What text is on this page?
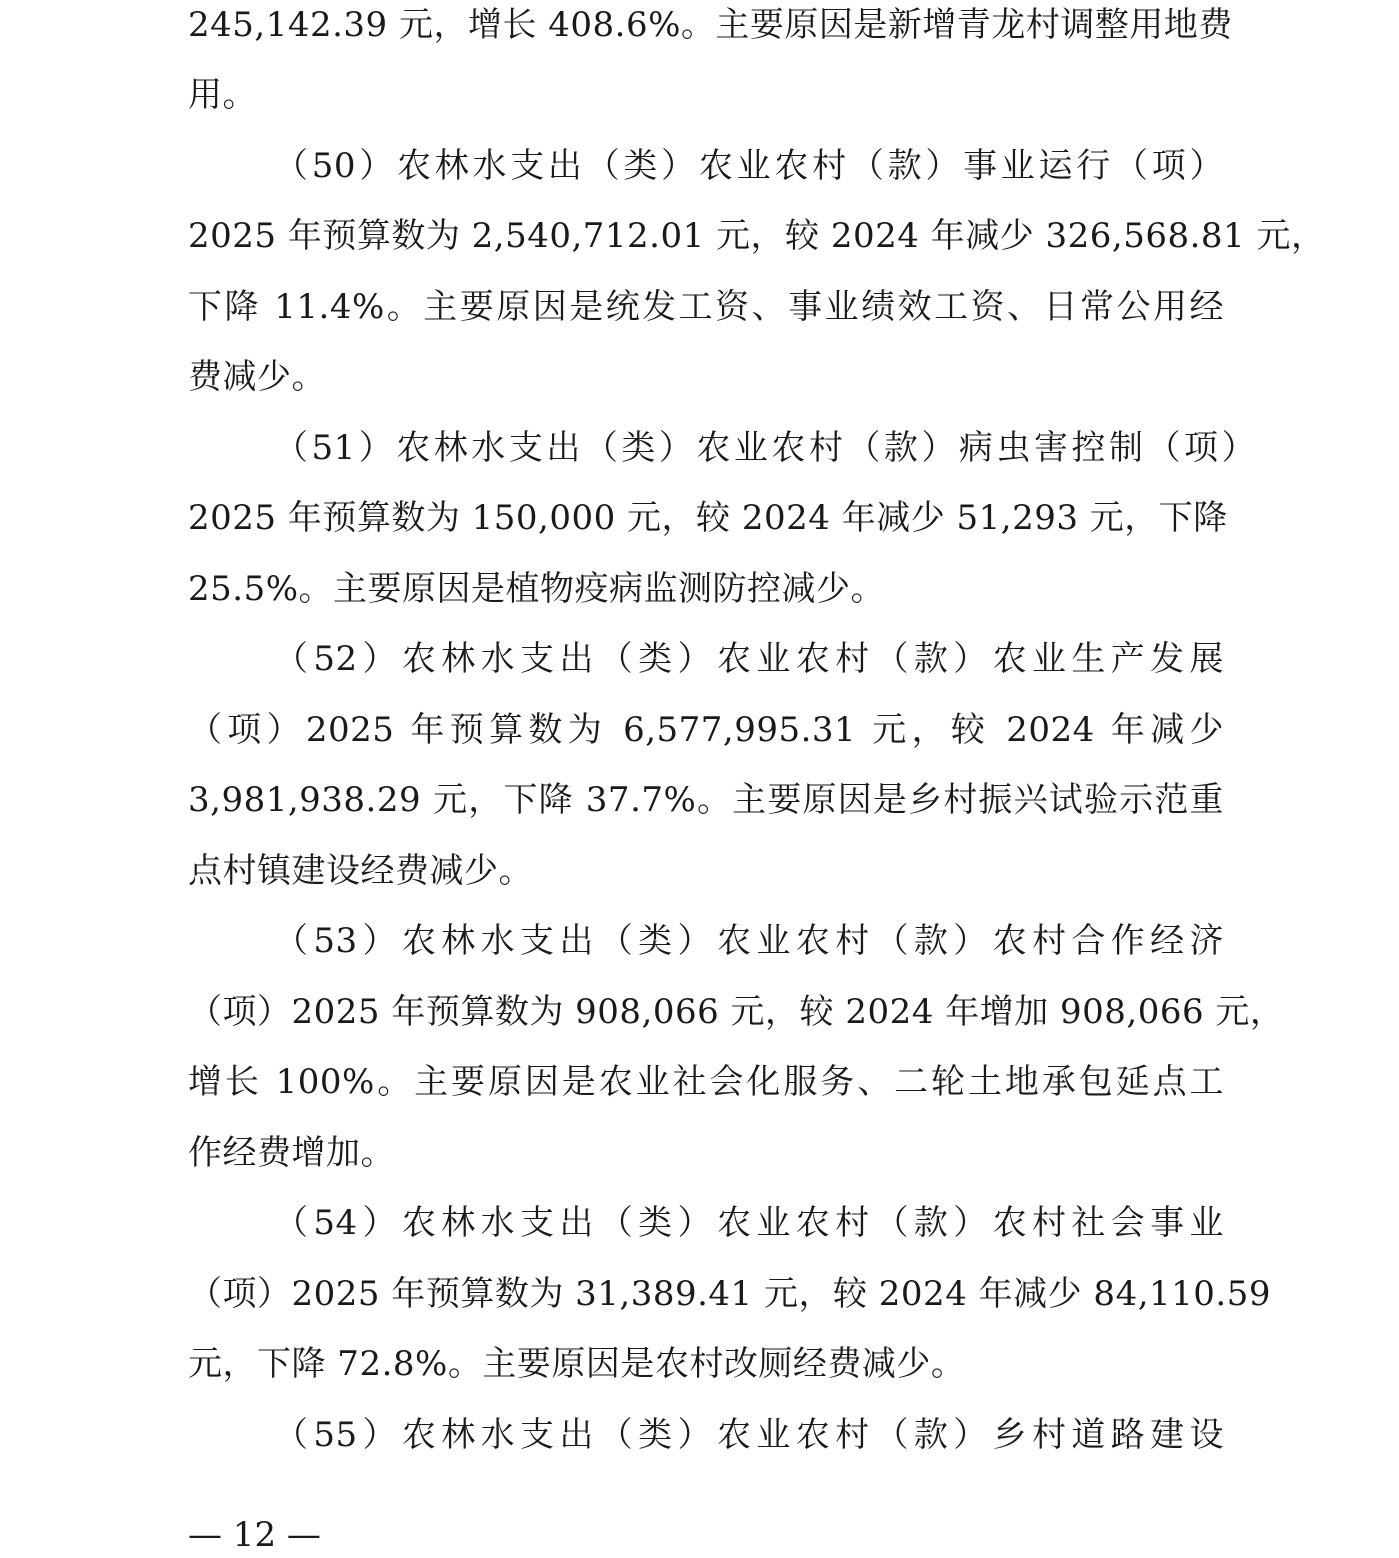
245,142.39 元，增长 408.6%。主要原因是新增青龙村调整用地费
用。
（50）农林水支出（类）农业农村（款）事业运行（项）
2025 年预算数为 2,540,712.01 元，较 2024 年减少 326,568.81 元，
下降 11.4%。主要原因是统发工资、事业绩效工资、日常公用经
费减少。
（51）农林水支出（类）农业农村（款）病虫害控制（项）
2025 年预算数为 150,000 元，较 2024 年减少 51,293 元，下降
25.5%。主要原因是植物疫病监测防控减少。
（52）农林水支出（类）农业农村（款）农业生产发展
（项）2025 年预算数为 6,577,995.31 元，较 2024 年减少
3,981,938.29 元，下降 37.7%。主要原因是乡村振兴试验示范重
点村镇建设经费减少。
（53）农林水支出（类）农业农村（款）农村合作经济
（项）2025 年预算数为 908,066 元，较 2024 年增加 908,066 元，
增长 100%。主要原因是农业社会化服务、二轮土地承包延点工
作经费增加。
（54）农林水支出（类）农业农村（款）农村社会事业
（项）2025 年预算数为 31,389.41 元，较 2024 年减少 84,110.59
元，下降 72.8%。主要原因是农村改厕经费减少。
（55）农林水支出（类）农业农村（款）乡村道路建设
— 12 —
